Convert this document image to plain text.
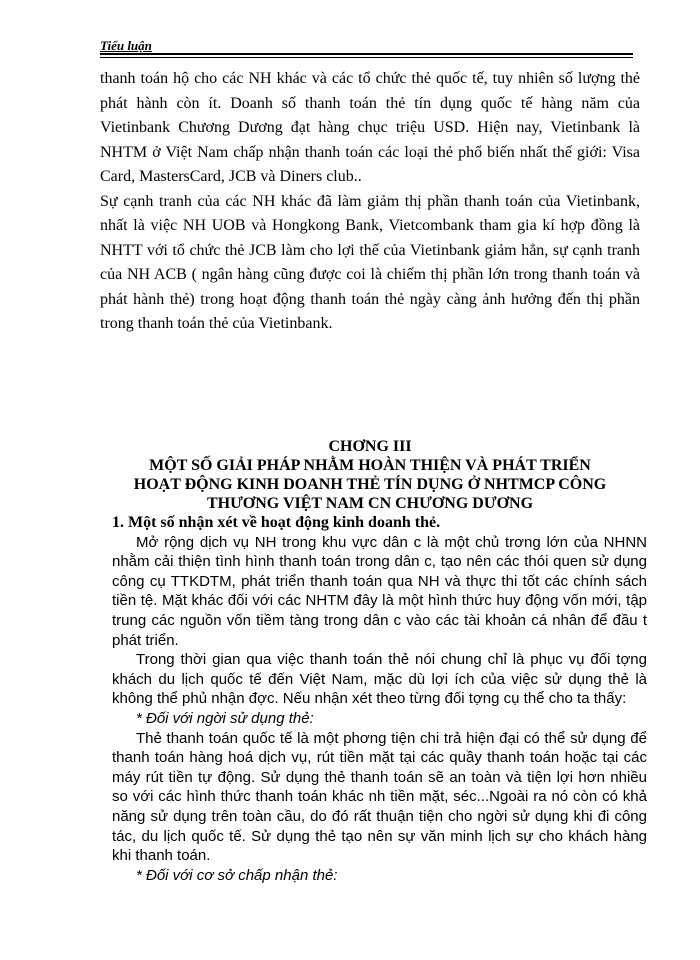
Tiểu luận

thanh toán hộ cho các NH khác và các tổ chức thẻ quốc tế, tuy nhiên số lượng thẻ phát hành còn ít. Doanh số thanh toán thẻ tín dụng quốc tế hàng năm của Vietinbank Chương Dương đạt hàng chục triệu USD. Hiện nay, Vietinbank là NHTM ở Việt Nam chấp nhận thanh toán các loại thẻ phổ biến nhất thế giới: Visa Card, MastersCard, JCB và Diners club..

Sự cạnh tranh của các NH khác đã làm giảm thị phần thanh toán của Vietinbank, nhất là việc NH UOB và Hongkong Bank, Vietcombank tham gia kí hợp đồng là NHTT với tổ chức thẻ JCB làm cho lợi thế của Vietinbank giảm hẳn, sự cạnh tranh của NH ACB ( ngân hàng cũng được coi là chiếm thị phần lớn trong thanh toán và phát hành thẻ) trong hoạt động thanh toán thẻ ngày càng ảnh hưởng đến thị phần trong thanh toán thẻ của Vietinbank.

CHƠNG III
MỘT SỐ GIẢI PHÁP NHẰM HOÀN THIỆN VÀ PHÁT TRIỂN
HOẠT ĐỘNG KINH DOANH THẺ TÍN DỤNG Ở NHTMCP CÔNG
THƯƠNG VIỆT NAM CN CHƯƠNG DƯƠNG

1. Một số nhận xét về hoạt động kinh doanh thẻ.

Mở rộng dịch vụ NH trong khu vực dân c là một chủ trơng lớn của NHNN nhằm cải thiện tình hình thanh toán trong dân c, tạo nên các thói quen sử dụng công cụ TTKDTM, phát triển thanh toán qua NH và thực thi tốt các chính sách tiền tệ. Mặt khác đối với các NHTM đây là một hình thức huy động vốn mới, tập trung các nguồn vốn tiềm tàng trong dân c vào các tài khoản cá nhân để đầu t phát triển.

Trong thời gian qua việc thanh toán thẻ nói chung chỉ là phục vụ đối tợng khách du lịch quốc tế đến Việt Nam, mặc dù lợi ích của việc sử dụng thẻ là không thể phủ nhận đợc. Nếu nhận xét theo từng đối tợng cụ thể cho ta thấy:

* Đối với ngời sử dụng thẻ:

Thẻ thanh toán quốc tế là một phơng tiện chi trả hiện đại có thể sử dụng để thanh toán hàng hoá dịch vụ, rút tiền mặt tại các quầy thanh toán hoặc tại các máy rút tiền tự động. Sử dụng thẻ thanh toán sẽ an toàn và tiện lợi hơn nhiều so với các hình thức thanh toán khác nh tiền mặt, séc...Ngoài ra nó còn có khả năng sử dụng trên toàn cầu, do đó rất thuận tiện cho ngời sử dụng khi đi công tác, du lịch quốc tế. Sử dụng thẻ tạo nên sự văn minh lịch sự cho khách hàng khi thanh toán.

* Đối với cơ sở chấp nhận thẻ:
